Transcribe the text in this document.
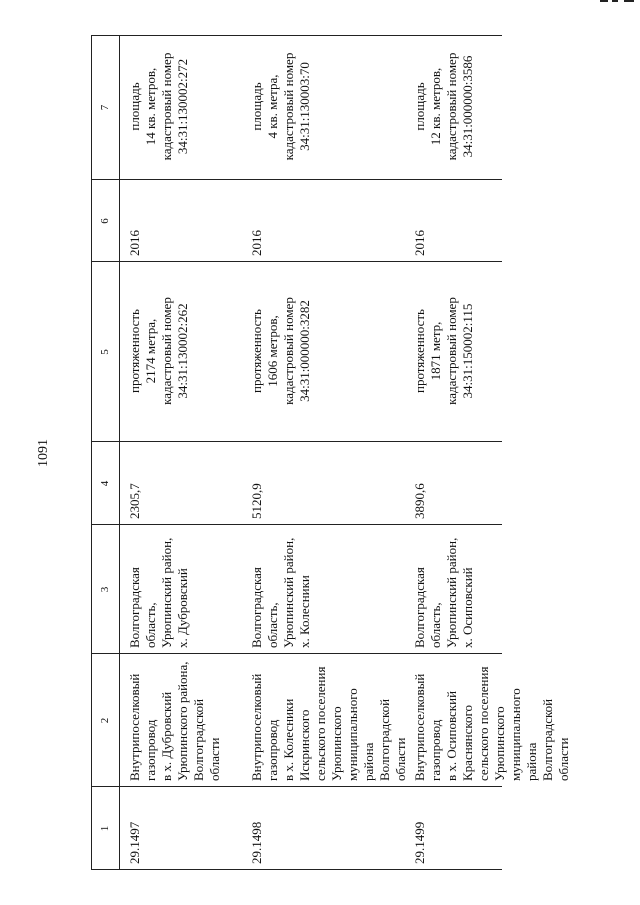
1091
1
2
3
4
5
6
7
29.1497
Внутрипоселковый газопровод в х. Дубровский Урюпинского района, Волгоградской области
Волгоградская область, Урюпинский район, х. Дубровский
2305,7
протяженность 2174 метра, кадастровый номер 34:31:130002:262
2016
площадь 14 кв. метров, кадастровый номер 34:31:130002:272
29.1498
Внутрипоселковый газопровод в х. Колесники Искринского сельского поселения Урюпинского муниципального района Волгоградской области
Волгоградская область, Урюпинский район, х. Колесники
5120,9
протяженность 1606 метров, кадастровый номер 34:31:000000:3282
2016
площадь 4 кв. метра, кадастровый номер 34:31:130003:70
29.1499
Внутрипоселковый газопровод в х. Осиповский Краснянского сельского поселения Урюпинского муниципального района Волгоградской области
Волгоградская область, Урюпинский район, х. Осиповский
3890,6
протяженность 1871 метр, кадастровый номер 34:31:150002:115
2016
площадь 12 кв. метров, кадастровый номер 34:31:000000:3586
